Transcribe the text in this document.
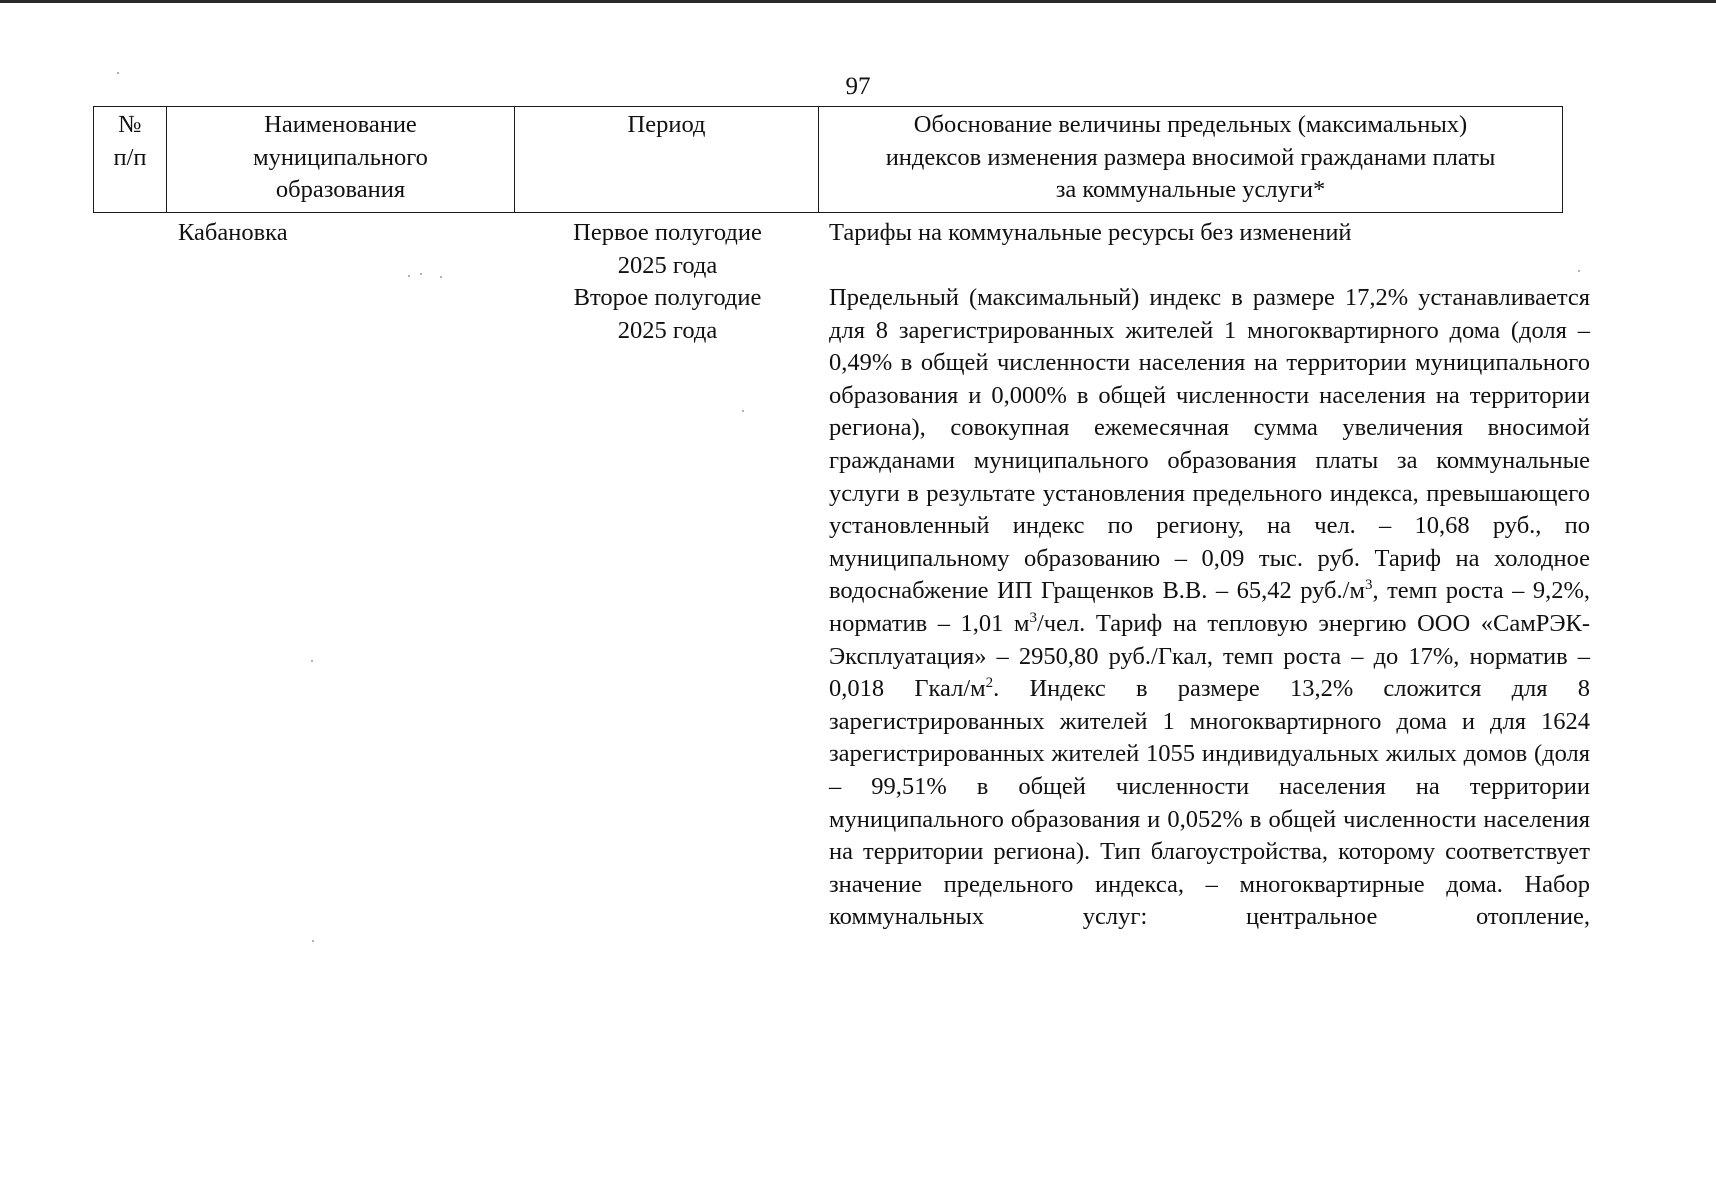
97
№
п/п
Наименование
муниципального
образования
Период	Обоснование величины предельных (максимальных)
индексов изменения размера вносимой гражданами платы
за коммунальные услуги*
Кабановка	Первое полугодие
2025 года
Второе полугодие
2025 года
Тарифы на коммунальные ресурсы без изменений

Предельный (максимальный) индекс в размере 17,2% устанавливается для 8 зарегистрированных жителей 1 многоквартирного дома (доля – 0,49% в общей численности населения на территории муниципального образования и 0,000% в общей численности населения на территории региона), совокупная ежемесячная сумма увеличения вносимой гражданами муниципального образования платы за коммунальные услуги в результате установления предельного индекса, превышающего установленный индекс по региону, на чел. – 10,68 руб., по муниципальному образованию – 0,09 тыс. руб. Тариф на холодное водоснабжение ИП Гращенков В.В. – 65,42 $руб./м^3$, темп роста – 9,2%, норматив – 1,01 $м^3$/чел. Тариф на тепловую энергию ООО «СамРЭК-Эксплуатация» – 2950,80 руб./Гкал, темп роста – до 17%, норматив – 0,018 Гкал/$м^2$. Индекс в размере 13,2% сложится для 8 зарегистрированных жителей 1 многоквартирного дома и для 1624 зарегистрированных жителей 1055 индивидуальных жилых домов (доля – 99,51% в общей численности населения на территории муниципального образования и 0,052% в общей численности населения на территории региона). Тип благоустройства, которому соответствует значение предельного индекса, – многоквартирные дома. Набор коммунальных услуг: центральное отопление,
